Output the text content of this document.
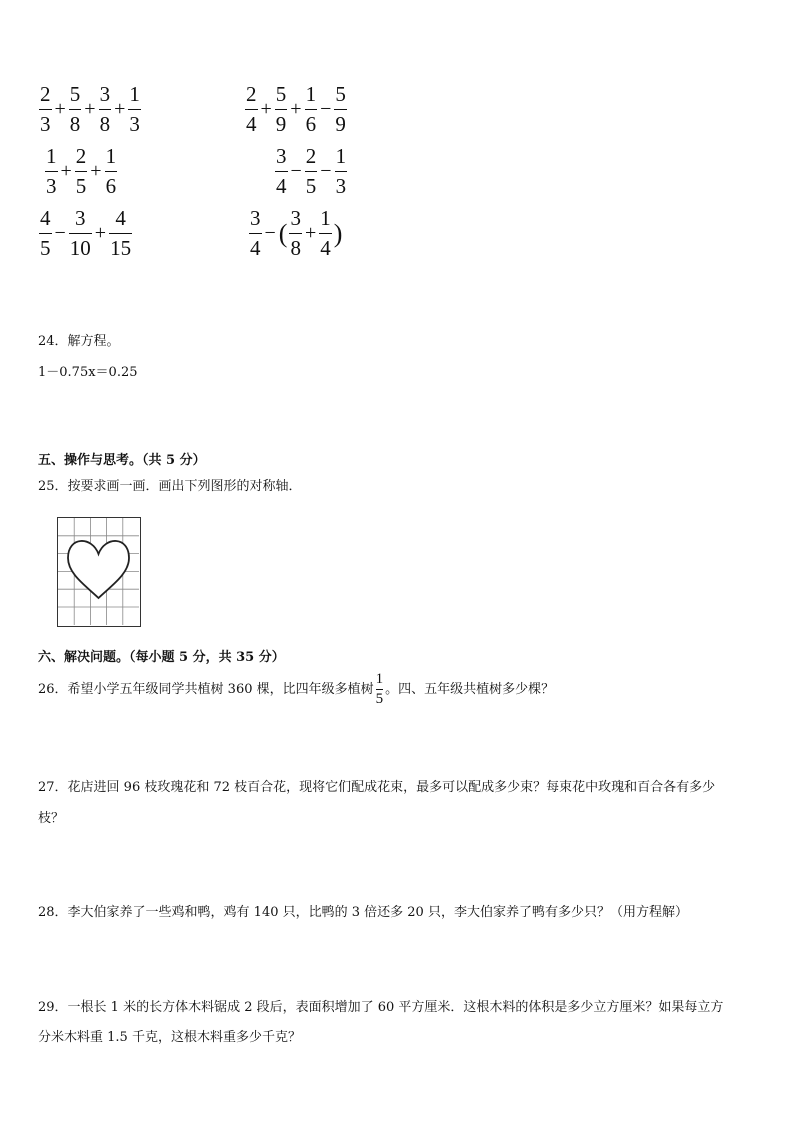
$\frac{2}{3} + \frac{5}{8} + \frac{3}{8} + \frac{1}{3}$	$\frac{2}{4} + \frac{5}{9} + \frac{1}{6} - \frac{5}{9}$
$\frac{1}{3} + \frac{2}{5} + \frac{1}{6}$	$\frac{3}{4} - \frac{2}{5} - \frac{1}{3}$
$\frac{4}{5} - \frac{3}{10} + \frac{4}{15}$	$\frac{3}{4}$ − ( $\frac{3}{8} + \frac{1}{4}$ )
24．解方程。
1－0.75x＝0.25
五、操作与思考。（共 5 分）
25．按要求画一画．画出下列图形的对称轴．
六、解决问题。（每小题 5 分，共 35 分）
26．希望小学五年级同学共植树 360 棵，比四年级多植树 $\frac{1}{5}$ 。四、五年级共植树多少棵？
27．花店进回 96 枝玫瑰花和 72 枝百合花，现将它们配成花束，最多可以配成多少束？每束花中玫瑰和百合各有多少
枝？
28．李大伯家养了一些鸡和鸭，鸡有 140 只，比鸭的 3 倍还多 20 只，李大伯家养了鸭有多少只？（用方程解）
29．一根长 1 米的长方体木料锯成 2 段后，表面积增加了 60 平方厘米．这根木料的体积是多少立方厘米？如果每立方
分米木料重 1.5 千克，这根木料重多少千克？
